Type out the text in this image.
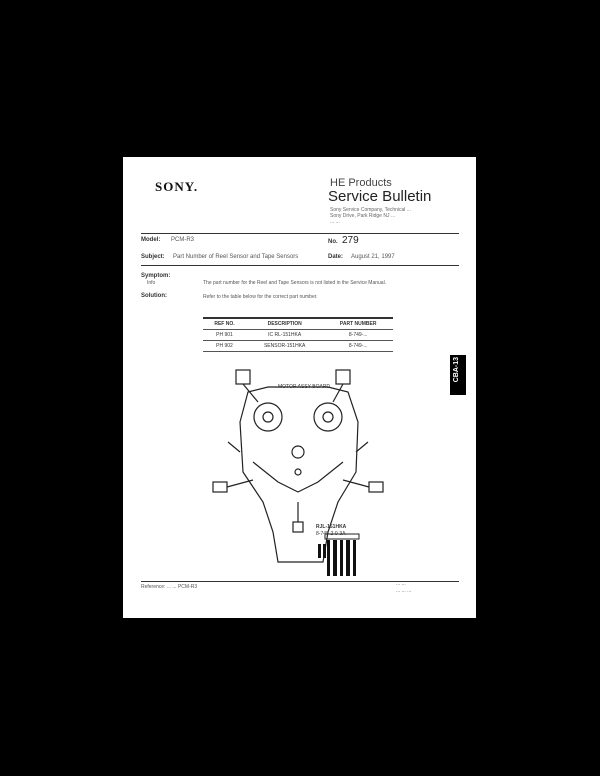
SONY.	HE Products
Service Bulletin
Sony Service Company, Technical ...
Sony Drive, Park Ridge NJ ...
... ...
Model: PCM-R3	No. 279
Subject: Part Number of Reel Sensor and Tape Sensors	Date: August 21, 1997
Symptom:
Info	The part number for the Reel and Tape Sensors is not listed in the Service Manual.
Solution:	Refer to the table below for the correct part number.
REF NO.	DESCRIPTION	PART NUMBER
PH 901	IC RL-151HKA	8-749-...
PH 902	SENSOR-151HKA	8-749-...
MOTOR ASSY BOARD
RJL-151HKA
8-749-2-0-3A
Reference: ... ... PCM-R3	... ...
... ... ...
CBA-13
DAT
